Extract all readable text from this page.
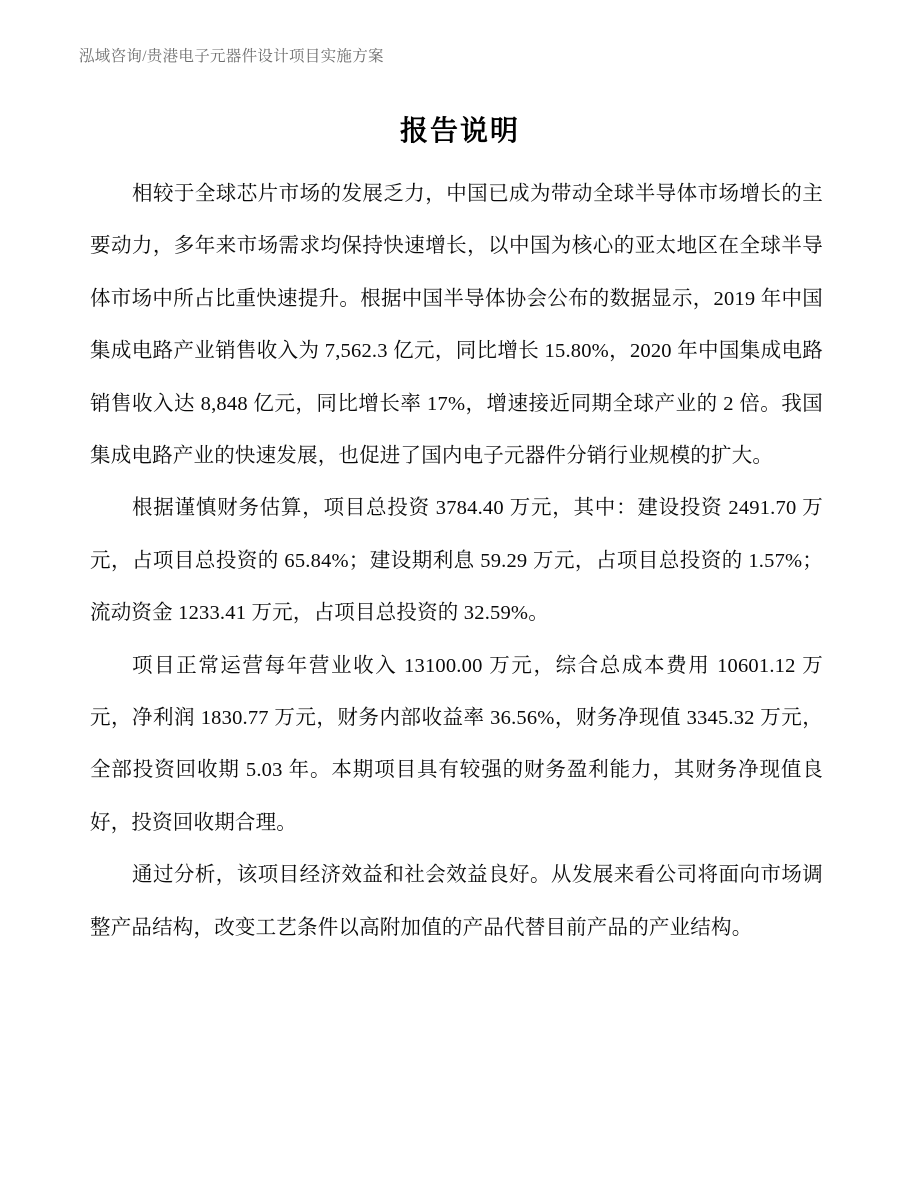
泓域咨询/贵港电子元器件设计项目实施方案
报告说明

相较于全球芯片市场的发展乏力，中国已成为带动全球半导体市场增长的主要动力，多年来市场需求均保持快速增长，以中国为核心的亚太地区在全球半导体市场中所占比重快速提升。根据中国半导体协会公布的数据显示，2019 年中国集成电路产业销售收入为 7,562.3 亿元，同比增长 15.80%，2020 年中国集成电路销售收入达 8,848 亿元，同比增长率 17%，增速接近同期全球产业的 2 倍。我国集成电路产业的快速发展，也促进了国内电子元器件分销行业规模的扩大。

根据谨慎财务估算，项目总投资 3784.40 万元，其中：建设投资 2491.70 万元，占项目总投资的 65.84%；建设期利息 59.29 万元，占项目总投资的 1.57%；流动资金 1233.41 万元，占项目总投资的 32.59%。

项目正常运营每年营业收入 13100.00 万元，综合总成本费用 10601.12 万元，净利润 1830.77 万元，财务内部收益率 36.56%，财务净现值 3345.32 万元，全部投资回收期 5.03 年。本期项目具有较强的财务盈利能力，其财务净现值良好，投资回收期合理。

通过分析，该项目经济效益和社会效益良好。从发展来看公司将面向市场调整产品结构，改变工艺条件以高附加值的产品代替目前产品的产业结构。
